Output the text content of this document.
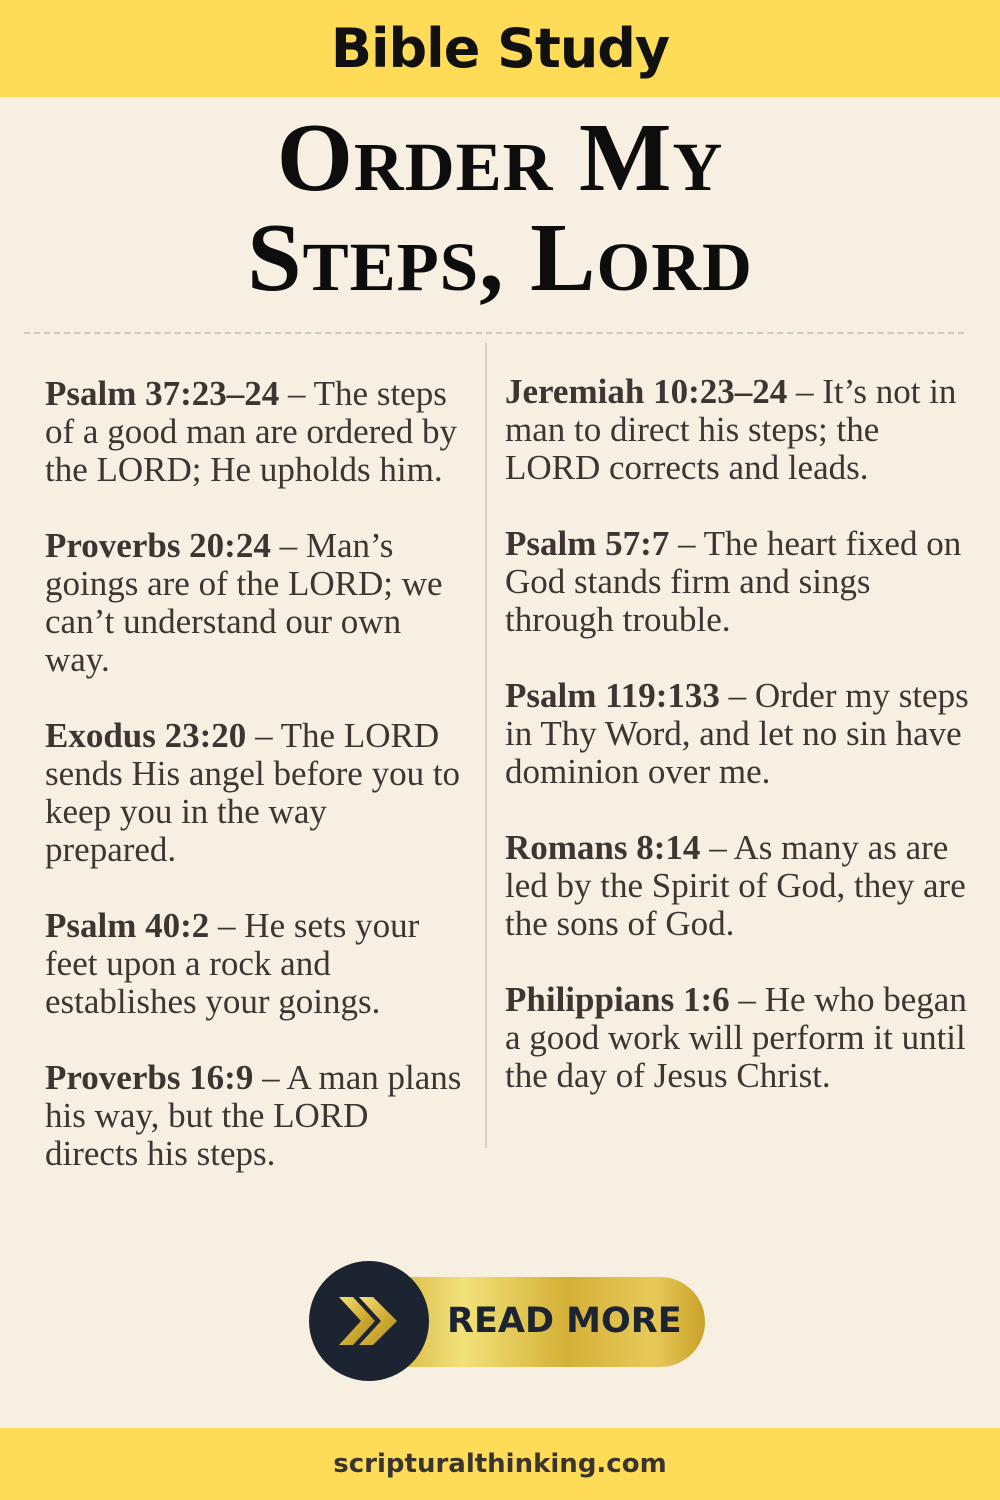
Bible Study
Order My
Steps, Lord

Psalm 37:23–24 – The steps of a good man are ordered by the LORD; He upholds him.

Proverbs 20:24 – Man’s goings are of the LORD; we can’t understand our own way.

Exodus 23:20 – The LORD sends His angel before you to keep you in the way prepared.

Psalm 40:2 – He sets your feet upon a rock and establishes your goings.

Proverbs 16:9 – A man plans his way, but the LORD directs his steps.

Jeremiah 10:23–24 – It’s not in man to direct his steps; the LORD corrects and leads.

Psalm 57:7 – The heart fixed on God stands firm and sings through trouble.

Psalm 119:133 – Order my steps in Thy Word, and let no sin have dominion over me.

Romans 8:14 – As many as are led by the Spirit of God, they are the sons of God.

Philippians 1:6 – He who began a good work will perform it until the day of Jesus Christ.

READ MORE
scripturalthinking.com
